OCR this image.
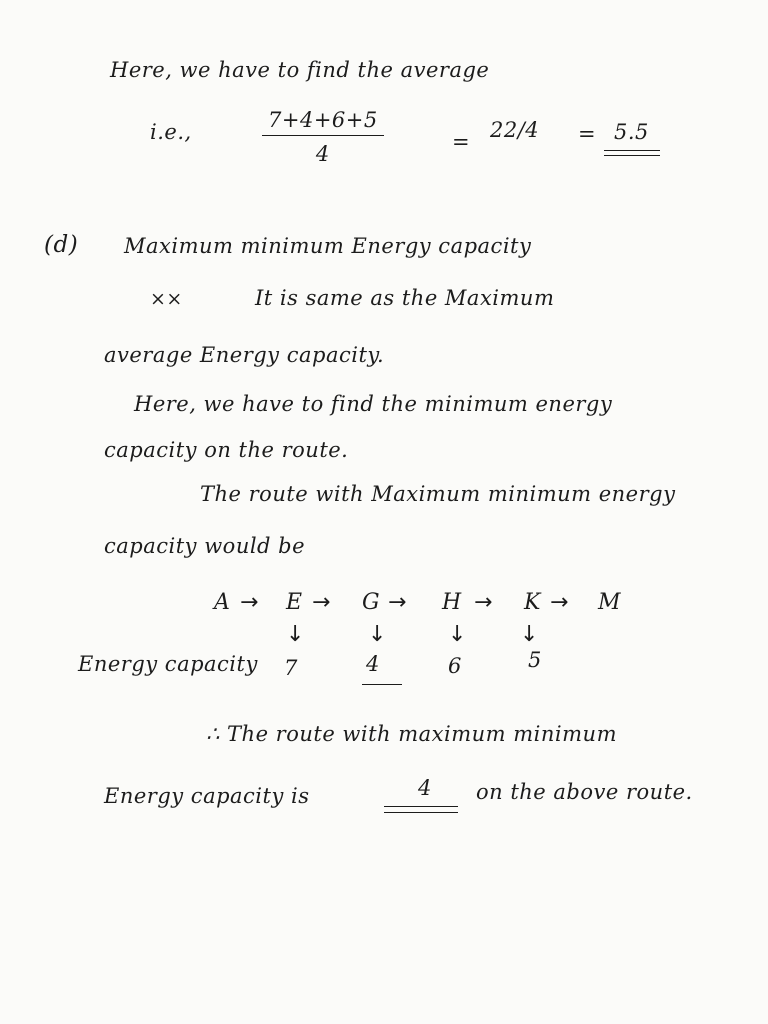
Here, we have to find the average
i.e.,	$\frac{7+4+6+5}{4}$	= 22/4 = 5.5
(d) Maximum minimum Energy capacity
⨯⨯	It is same as the Maximum
average Energy capacity.
Here, we have to find the minimum energy
capacity on the route.
The route with Maximum minimum energy
capacity would be
A → E → G → H → K → M
↓	↓	↓ ↓
Energy capacity 7	4	6	5
∴ The route with maximum minimum
Energy capacity is	4 on the above route.
